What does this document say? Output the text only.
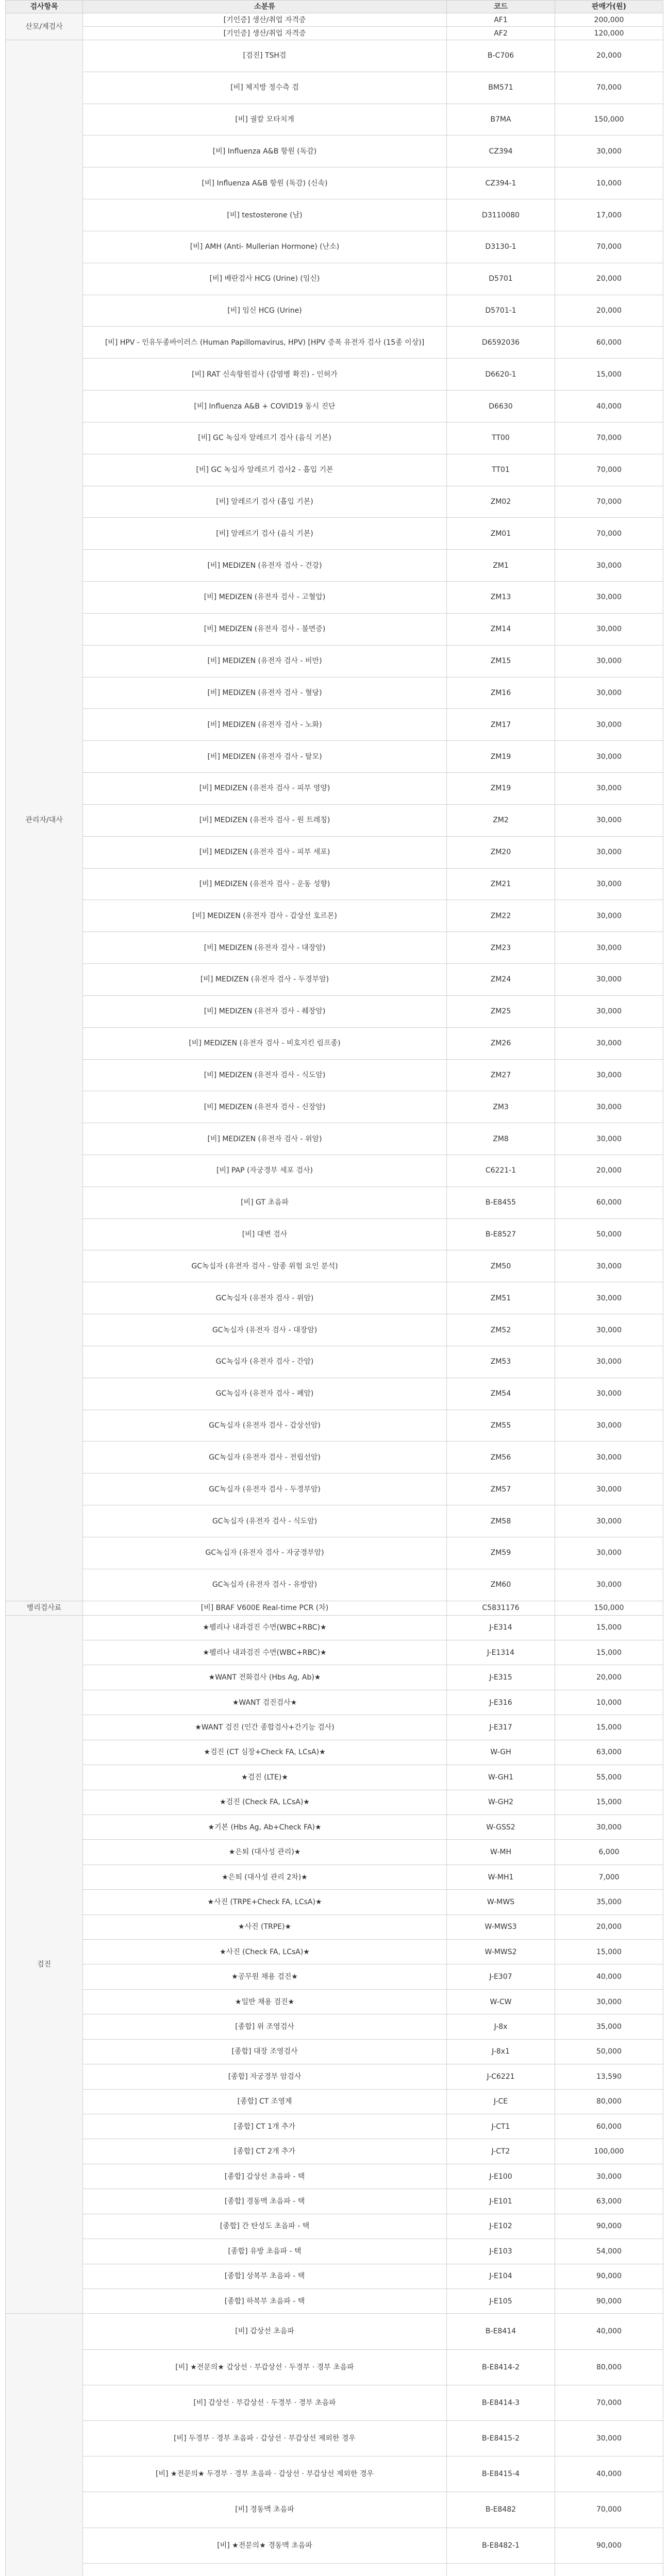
검사항목	소분류	코드	판매가(원)
산모/제검사	[기인증] 생산/취업 자격증	AF1	200,000
	[기인증] 생산/취업 자격증	AF2	120,000
관리자/대사	[검진] TSH검	B-C706	20,000
	[비] 체지방 정수측 검	BM571	70,000
	[비] 궐칼 모타치게	B7MA	150,000
	[비] Influenza A&B 항원 (독감)	CZ394	30,000
	[비] Influenza A&B 항원 (독감) (신속)	CZ394-1	10,000
	[비] testosterone (남)	D3110080	17,000
	[비] AMH (Anti- Mullerian Hormone) (난소)	D3130-1	70,000
	[비] 배란검사 HCG (Urine) (임신)	D5701	20,000
	[비] 임신 HCG (Urine)	D5701-1	20,000
	[비] HPV - 인유두종바이러스 (Human Papillomavirus, HPV) [HPV 증폭 유전자 검사 (15종 이상)]	D6592036	60,000
	[비] RAT 신속항원검사 (감염병 확진) - 인허가	D6620-1	15,000
	[비] Influenza A&B + COVID19 동시 진단	D6630	40,000
	[비] GC 녹십자 알레르기 검사 (음식 기본)	TT00	70,000
	[비] GC 녹십자 알레르기 검사2 - 흡입 기본	TT01	70,000
	[비] 알레르기 검사 (흡입 기본)	ZM02	70,000
	[비] 알레르기 검사 (음식 기본)	ZM01	70,000
	[비] MEDIZEN (유전자 검사 - 건강)	ZM1	30,000
	[비] MEDIZEN (유전자 검사 - 고혈압)	ZM13	30,000
	[비] MEDIZEN (유전자 검사 - 불면증)	ZM14	30,000
	[비] MEDIZEN (유전자 검사 - 비만)	ZM15	30,000
	[비] MEDIZEN (유전자 검사 - 혈당)	ZM16	30,000
	[비] MEDIZEN (유전자 검사 - 노화)	ZM17	30,000
	[비] MEDIZEN (유전자 검사 - 탈모)	ZM19	30,000
	[비] MEDIZEN (유전자 검사 - 피부 영양)	ZM19	30,000
	[비] MEDIZEN (유전자 검사 - 원 트레칭)	ZM2	30,000
	[비] MEDIZEN (유전자 검사 - 피부 세포)	ZM20	30,000
	[비] MEDIZEN (유전자 검사 - 운동 성향)	ZM21	30,000
	[비] MEDIZEN (유전자 검사 - 갑상선 호르몬)	ZM22	30,000
	[비] MEDIZEN (유전자 검사 - 대장암)	ZM23	30,000
	[비] MEDIZEN (유전자 검사 - 두경부암)	ZM24	30,000
	[비] MEDIZEN (유전자 검사 - 췌장암)	ZM25	30,000
	[비] MEDIZEN (유전자 검사 - 비호지킨 림프종)	ZM26	30,000
	[비] MEDIZEN (유전자 검사 - 식도암)	ZM27	30,000
	[비] MEDIZEN (유전자 검사 - 신장암)	ZM3	30,000
	[비] MEDIZEN (유전자 검사 - 위암)	ZM8	30,000
	[비] PAP (자궁경부 세포 검사)	C6221-1	20,000
	[비] GT 초음파	B-E8455	60,000
	[비] 대변 검사	B-E8527	50,000
	GC녹십자 (유전자 검사 - 암종 위험 요인 분석)	ZM50	30,000
	GC녹십자 (유전자 검사 - 위암)	ZM51	30,000
	GC녹십자 (유전자 검사 - 대장암)	ZM52	30,000
	GC녹십자 (유전자 검사 - 간암)	ZM53	30,000
	GC녹십자 (유전자 검사 - 폐암)	ZM54	30,000
	GC녹십자 (유전자 검사 - 갑상선암)	ZM55	30,000
	GC녹십자 (유전자 검사 - 전립선암)	ZM56	30,000
	GC녹십자 (유전자 검사 - 두경부암)	ZM57	30,000
	GC녹십자 (유전자 검사 - 식도암)	ZM58	30,000
	GC녹십자 (유전자 검사 - 자궁경부암)	ZM59	30,000
	GC녹십자 (유전자 검사 - 유방암)	ZM60	30,000
병리검사료	[비] BRAF V600E Real-time PCR (차)	C5831176	150,000
검진	★펠리나 내과검진 수면(WBC+RBC)★	J-E314	15,000
	★펠리나 내과검진 수면(WBC+RBC)★	J-E1314	15,000
	★WANT 전화검사 (Hbs Ag, Ab)★	J-E315	20,000
	★WANT 검진검사★	J-E316	10,000
	★WANT 검진 (인간 종합검사+간기능 검사)	J-E317	15,000
	★검진 (CT 심장+Check FA, LCsA)★	W-GH	63,000
	★검진 (LTE)★	W-GH1	55,000
	★검진 (Check FA, LCsA)★	W-GH2	15,000
	★기본 (Hbs Ag, Ab+Check FA)★	W-GSS2	30,000
	★은퇴 (대사성 관리)★	W-MH	6,000
	★은퇴 (대사성 관리 2차)★	W-MH1	7,000
	★사진 (TRPE+Check FA, LCsA)★	W-MWS	35,000
	★사진 (TRPE)★	W-MWS3	20,000
	★사진 (Check FA, LCsA)★	W-MWS2	15,000
	★공무원 채용 검진★	J-E307	40,000
	★일반 채용 검진★	W-CW	30,000
	[종합] 위 조영검사	J-8x	35,000
	[종합] 대장 조영검사	J-8x1	50,000
	[종합] 자궁경부 암검사	J-C6221	13,590
	[종합] CT 조영제	J-CE	80,000
	[종합] CT 1개 추가	J-CT1	60,000
	[종합] CT 2개 추가	J-CT2	100,000
	[종합] 갑상선 초음파 - 택	J-E100	30,000
	[종합] 경동맥 초음파 - 택	J-E101	63,000
	[종합] 간 탄성도 초음파 - 택	J-E102	90,000
	[종합] 유방 초음파 - 택	J-E103	54,000
	[종합] 상복부 초음파 - 택	J-E104	90,000
	[종합] 하복부 초음파 - 택	J-E105	90,000
	[비] 갑상선 초음파	B-E8414	40,000
	[비] ★전문의★ 갑상선 · 부갑상선 · 두경부 · 경부 초음파	B-E8414-2	80,000
	[비] 갑상선 · 부갑상선 · 두경부 · 경부 초음파	B-E8414-3	70,000
	[비] 두경부 · 경부 초음파 · 갑상선 · 부갑상선 제외한 경우	B-E8415-2	30,000
	[비] ★전문의★ 두경부 · 경부 초음파 · 갑상선 · 부갑상선 제외한 경우	B-E8415-4	40,000
	[비] 경동맥 초음파	B-E8482	70,000
	[비] ★전문의★ 경동맥 초음파	B-E8482-1	90,000
